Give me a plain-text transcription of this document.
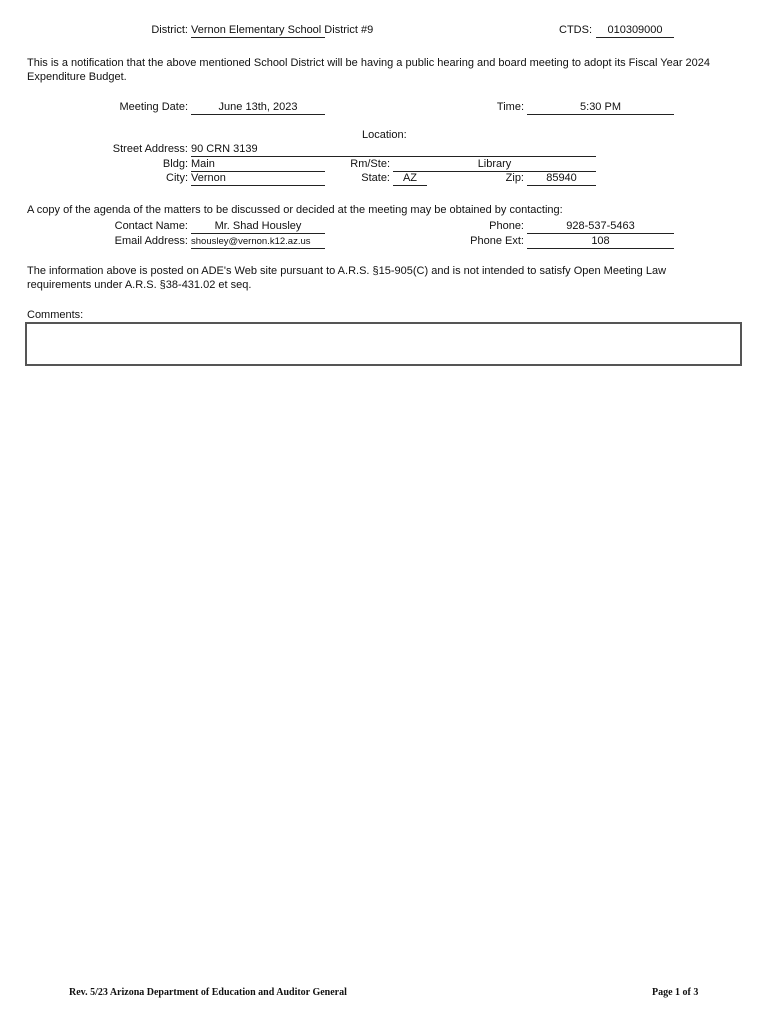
District: Vernon Elementary School District #9	CTDS:	010309000
This is a notification that the above mentioned School District will be having a public hearing and board meeting to adopt its Fiscal Year 2024 Expenditure Budget.
Meeting Date:	June 13th, 2023	Time:	5:30 PM
Location:
Street Address: 90 CRN 3139
Bldg: Main	Rm/Ste:	Library
City: Vernon	State:	AZ	Zip:	85940
A copy of the agenda of the matters to be discussed or decided at the meeting may be obtained by contacting:
Contact Name:	Mr. Shad Housley	Phone:	928-537-5463
Email Address: shousley@vernon.k12.az.us	Phone Ext:	108
The information above is posted on ADE's Web site pursuant to A.R.S. §15-905(C) and is not intended to satisfy Open Meeting Law requirements under A.R.S. §38-431.02 et seq.
Comments:
Rev. 5/23 Arizona Department of Education and Auditor General	Page 1 of 3
